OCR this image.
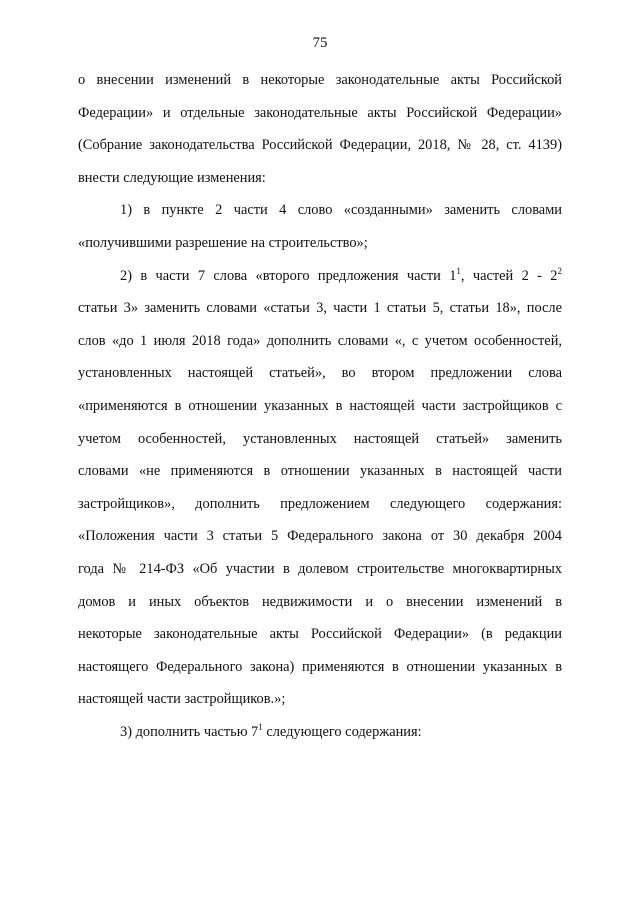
75
о внесении изменений в некоторые законодательные акты Российской
Федерации» и отдельные законодательные акты Российской Федерации»
(Собрание законодательства Российской Федерации, 2018, № 28, ст. 4139)
внести следующие изменения:
1) в пункте 2 части 4 слово «созданными» заменить словами
«получившими разрешение на строительство»;
2) в части 7 слова «второго предложения части $1^1$, частей $2 - 2^2$
статьи 3» заменить словами «статьи 3, части 1 статьи 5, статьи 18», после
слов «до 1 июля 2018 года» дополнить словами «, с учетом особенностей,
установленных настоящей статьей», во втором предложении слова
«применяются в отношении указанных в настоящей части застройщиков с
учетом особенностей, установленных настоящей статьей» заменить
словами «не применяются в отношении указанных в настоящей части
застройщиков», дополнить предложением следующего содержания:
«Положения части 3 статьи 5 Федерального закона от 30 декабря 2004
года № 214-ФЗ «Об участии в долевом строительстве многоквартирных
домов и иных объектов недвижимости и о внесении изменений в
некоторые законодательные акты Российской Федерации» (в редакции
настоящего Федерального закона) применяются в отношении указанных в
настоящей части застройщиков.»;
3) дополнить частью $7^1$ следующего содержания:
